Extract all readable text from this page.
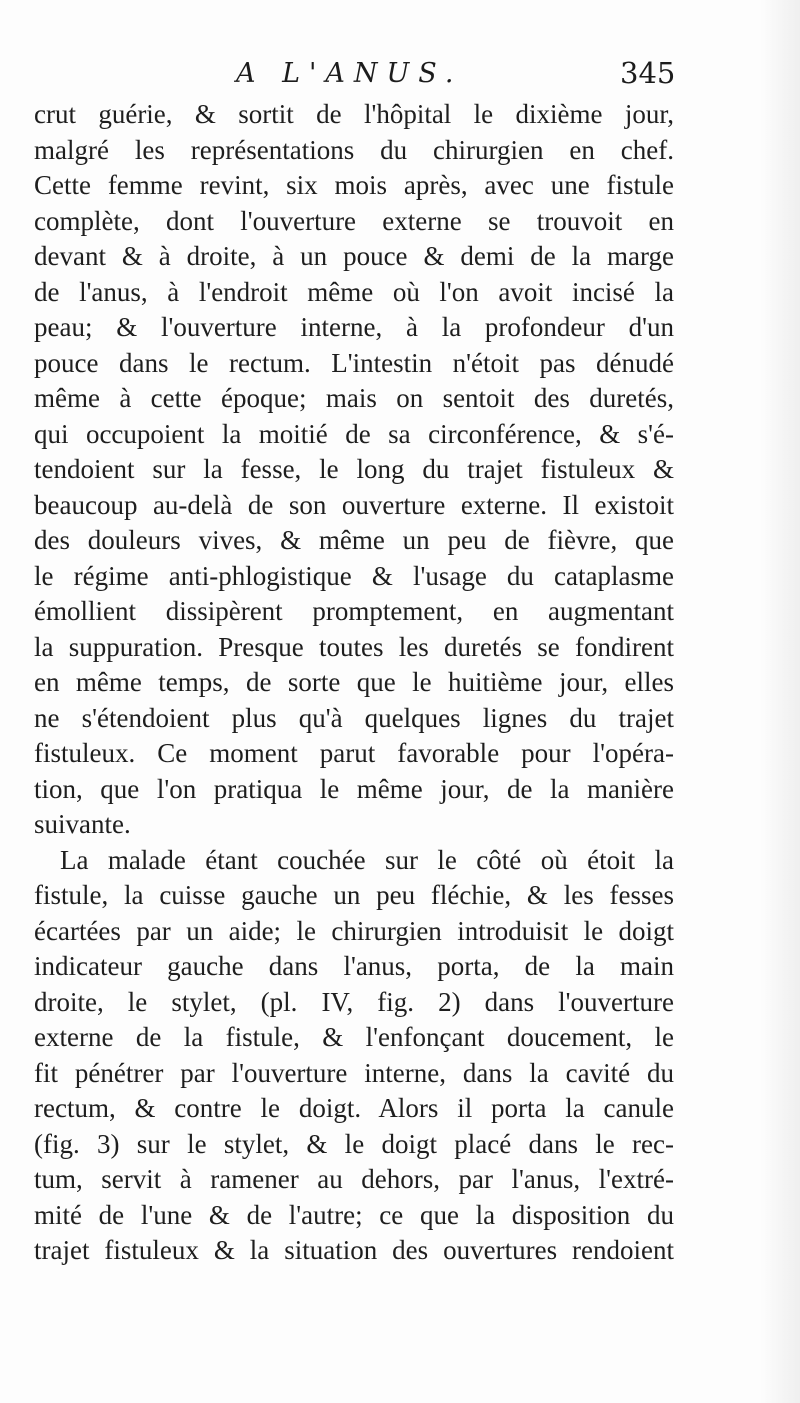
A L'ANUS.	345
crut guérie, & sortit de l'hôpital le dixième jour,
malgré les représentations du chirurgien en chef.
Cette femme revint, six mois après, avec une fistule
complète, dont l'ouverture externe se trouvoit en
devant & à droite, à un pouce & demi de la marge
de l'anus, à l'endroit même où l'on avoit incisé la
peau; & l'ouverture interne, à la profondeur d'un
pouce dans le rectum. L'intestin n'étoit pas dénudé
même à cette époque; mais on sentoit des duretés,
qui occupoient la moitié de sa circonférence, & s'é-
tendoient sur la fesse, le long du trajet fistuleux &
beaucoup au-delà de son ouverture externe. Il existoit
des douleurs vives, & même un peu de fièvre, que
le régime anti-phlogistique & l'usage du cataplasme
émollient dissipèrent promptement, en augmentant
la suppuration. Presque toutes les duretés se fondirent
en même temps, de sorte que le huitième jour, elles
ne s'étendoient plus qu'à quelques lignes du trajet
fistuleux. Ce moment parut favorable pour l'opéra-
tion, que l'on pratiqua le même jour, de la manière
suivante.
La malade étant couchée sur le côté où étoit la
fistule, la cuisse gauche un peu fléchie, & les fesses
écartées par un aide; le chirurgien introduisit le doigt
indicateur gauche dans l'anus, porta, de la main
droite, le stylet, (pl. IV, fig. 2) dans l'ouverture
externe de la fistule, & l'enfonçant doucement, le
fit pénétrer par l'ouverture interne, dans la cavité du
rectum, & contre le doigt. Alors il porta la canule
(fig. 3) sur le stylet, & le doigt placé dans le rec-
tum, servit à ramener au dehors, par l'anus, l'extré-
mité de l'une & de l'autre; ce que la disposition du
trajet fistuleux & la situation des ouvertures rendoient
